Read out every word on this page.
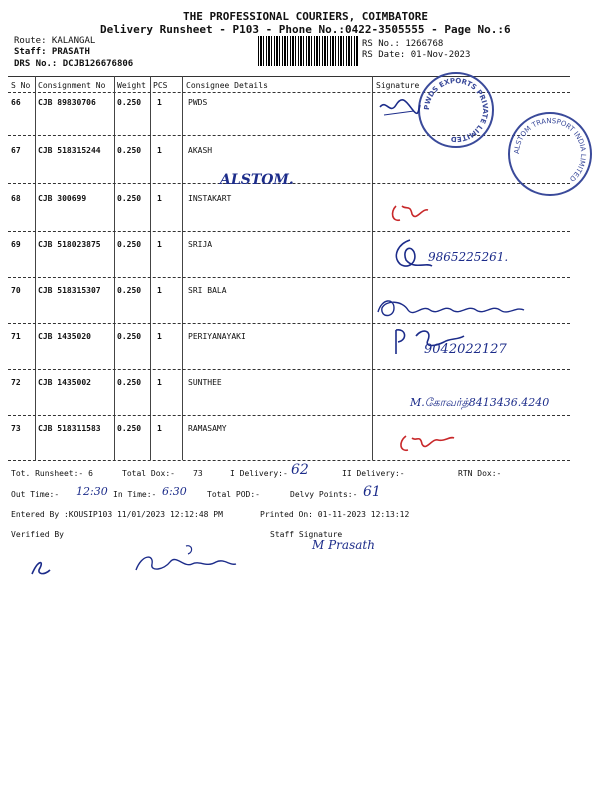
THE PROFESSIONAL COURIERS, COIMBATORE
Delivery Runsheet - P103 - Phone No.:0422-3505555 - Page No.:6
Route: KALANGAL
Staff: PRASATH
DRS No.: DCJB126676806
RS No.: 1266768
RS Date: 01-Nov-2023
S No Consignment No Weight PCS Consignee Details	Signature
66 CJB 89830706	0.250 1	PWDS
67 CJB 518315244 0.250 1	AKASH
68 CJB 300699	0.250 1	INSTAKART
69 CJB 518023875 0.250 1	SRIJA
70 CJB 518315307 0.250 1	SRI BALA
71 CJB 1435020	0.250 1	PERIYANAYAKI
72 CJB 1435002	0.250 1	SUNTHEE
73 CJB 518311583 0.250 1	RAMASAMY
PWDS EXPORTS PRIVATE LIMITED
ALSTOM TRANSPORT INDIA LIMITED
ALSTOM.
9865225261.
9042022127
M.கோவர்த்8413436.4240
Tot. Runsheet:- 6	Total Dox:- 73	I Delivery:- 62	II Delivery:-	RTN Dox:-
Out Time:- 12:30 In Time:- 6:30	Total POD:-	Delvy Points:- 61
Entered By :KOUSIP103 11/01/2023 12:12:48 PM	Printed On: 01-11-2023 12:13:12
Verified By	Staff Signature
M Prasath
